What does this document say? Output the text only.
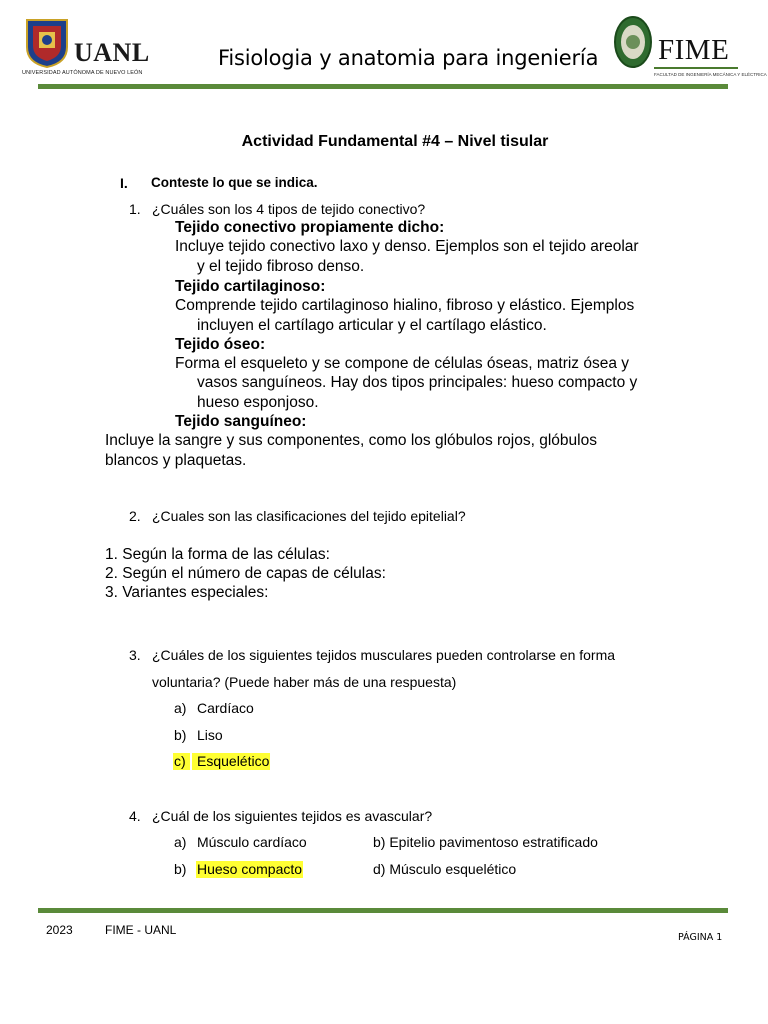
UANL
UNIVERSIDAD AUTÓNOMA DE NUEVO LEÓN
Fisiologia y anatomia para ingeniería FIME
FACULTAD DE INGENIERÍA MECÁNICA Y ELÉCTRICA
Actividad Fundamental #4 – Nivel tisular
I. Conteste lo que se indica.
1. ¿Cuáles son los 4 tipos de tejido conectivo?
Tejido conectivo propiamente dicho:
Incluye tejido conectivo laxo y denso. Ejemplos son el tejido areolar
y el tejido fibroso denso.
Tejido cartilaginoso:
Comprende tejido cartilaginoso hialino, fibroso y elástico. Ejemplos
incluyen el cartílago articular y el cartílago elástico.
Tejido óseo:
Forma el esqueleto y se compone de células óseas, matriz ósea y
vasos sanguíneos. Hay dos tipos principales: hueso compacto y
hueso esponjoso.
Tejido sanguíneo:
Incluye la sangre y sus componentes, como los glóbulos rojos, glóbulos
blancos y plaquetas.
2. ¿Cuales son las clasificaciones del tejido epitelial?
1. Según la forma de las células:
2. Según el número de capas de células:
3. Variantes especiales:
3. ¿Cuáles de los siguientes tejidos musculares pueden controlarse en forma
voluntaria? (Puede haber más de una respuesta)
a) Cardíaco
b) Liso
c) Esquelético
4. ¿Cuál de los siguientes tejidos es avascular?
a) Músculo cardíaco	b) Epitelio pavimentoso estratificado
b) Hueso compacto	d) Músculo esquelético
2023	FIME - UANL
PÁGINA 1
